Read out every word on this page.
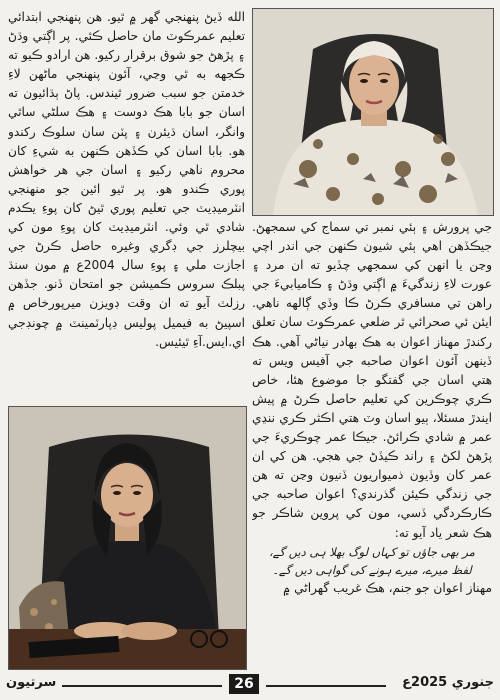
الله ڏيڻ پنهنجي گهر ۾ ٿيو. هن پنهنجي ابتدائي تعليم عمرڪوٽ مان حاصل ڪئي. پر اڳتي وڌڻ ۽ پڙهڻ جو شوق برقرار رکيو. هن ارادو ڪيو ته ڪجهه به ٿي وڃي، آئون پنهنجي ماڻهن لاءِ خدمتن جو سبب ضرور ٿيندس. پاڻ ٻڌائيون ته اسان جو بابا هڪ دوست ۽ هڪ سلڻي ساٿي وانگر، اسان ڌيئرن ۽ پٽن سان سلوڪ رکندو هو. بابا اسان کي ڪڏهن ڪنهن به شيءِ کان محروم ناهي رکيو ۽ اسان جي هر خواهش پوري ڪندو هو. پر ٿيو ائين جو منهنجي انٽرميڊيٽ جي تعليم پوري ٿيڻ کان پوءِ يڪدم شادي ٿي وئي. انٽرميڊيٽ کان پوءِ مون کي بيچلرز جي ڊگري وغيره حاصل ڪرڻ جي اجازت ملي ۽ پوءِ سال 2004ع ۾ مون سنڌ پبلڪ سروس ڪميشن جو امتحان ڏنو. جڏهن رزلٽ آيو ته ان وقت ڊويزن ميرپورخاص ۾ اسپيڻ به فيميل پوليس ڊپارٽمينٽ ۾ چونڊجي اي.ايس.آءِ ٿيئيس.

جي پرورش ۽ ٻئي نمبر تي سماج کي سمجهڻ. جيڪڏهن اهي ٻئي شيون ڪنهن جي اندر اچي وڃن يا انهن کي سمجهي چڏيو ته ان مرد ۽ عورت لاءِ زندگيءَ ۾ اڳتي وڌڻ ۽ ڪاميابيءَ جي راهن تي مسافري ڪرڻ ڪا وڏي ڳالهه ناهي. ايئن ئي صحرائي ٿر ضلعي عمرڪوٽ سان تعلق رکندڙ مهناز اعوان به هڪ بهادر نياڻي آهي. هڪ ڏينهن آئون اعوان صاحبه جي آفيس ويس ته هتي اسان جي گفتگو جا موضوع هئا، خاص ڪري چوڪرين کي تعليم حاصل ڪرڻ ۾ پيش ايندڙ مسئلا، ٻيو اسان وٽ هتي اڪثر ڪري ننڍي عمر ۾ شادي ڪرائڻ. جيڪا عمر چوڪريءَ جي پڙهڻ لکڻ ۽ راند ڪيڏڻ جي هجي. هن کي ان عمر کان وڏيون ذميواريون ڏنيون وڃن ته هن جي زندگي ڪيئن گذرندي؟ اعوان صاحبه جي ڪارڪردگي ڏسي، مون کي پروين شاڪر جو هڪ شعر ياد آيو ته:

مر بھی جاؤں تو کہاں لوگ بھلا ہی دیں گے،

لفظ میرے، میرے ہونے کی گواہی دیں گے۔

مهناز اعوان جو جنم، هڪ غريب گهراڻي ۾

سرتيون	26	جنوري 2025ع
